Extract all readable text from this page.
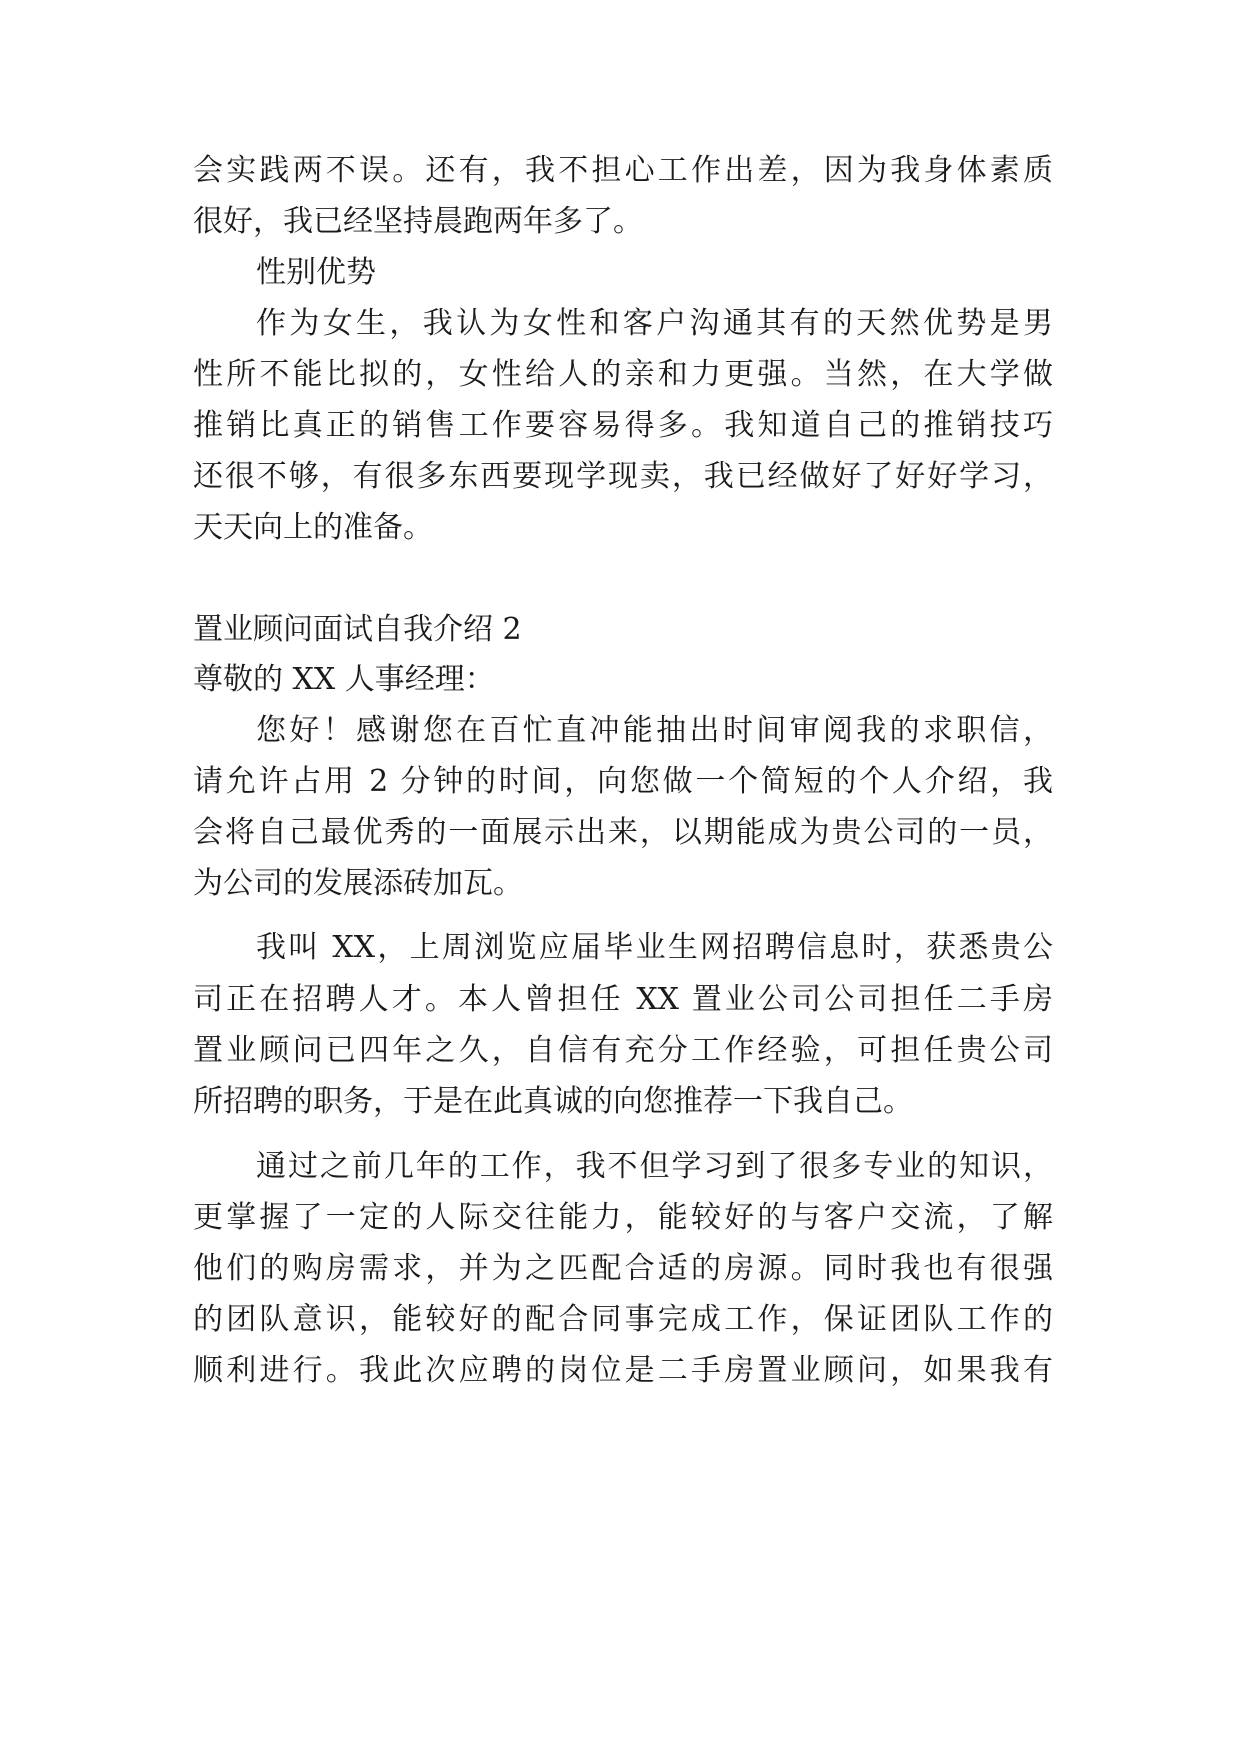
会实践两不误。还有，我不担心工作出差，因为我身体素质
很好，我已经坚持晨跑两年多了。
性别优势
作为女生，我认为女性和客户沟通其有的天然优势是男
性所不能比拟的，女性给人的亲和力更强。当然，在大学做
推销比真正的销售工作要容易得多。我知道自己的推销技巧
还很不够，有很多东西要现学现卖，我已经做好了好好学习，
天天向上的准备。
置业顾问面试自我介绍 2
尊敬的 XX 人事经理：
您好！感谢您在百忙直冲能抽出时间审阅我的求职信，
请允许占用 2 分钟的时间，向您做一个简短的个人介绍，我
会将自己最优秀的一面展示出来，以期能成为贵公司的一员，
为公司的发展添砖加瓦。
我叫 XX，上周浏览应届毕业生网招聘信息时，获悉贵公
司正在招聘人才。本人曾担任 XX 置业公司公司担任二手房
置业顾问已四年之久，自信有充分工作经验，可担任贵公司
所招聘的职务，于是在此真诚的向您推荐一下我自己。
通过之前几年的工作，我不但学习到了很多专业的知识，
更掌握了一定的人际交往能力，能较好的与客户交流，了解
他们的购房需求，并为之匹配合适的房源。同时我也有很强
的团队意识，能较好的配合同事完成工作，保证团队工作的
顺利进行。我此次应聘的岗位是二手房置业顾问，如果我有
